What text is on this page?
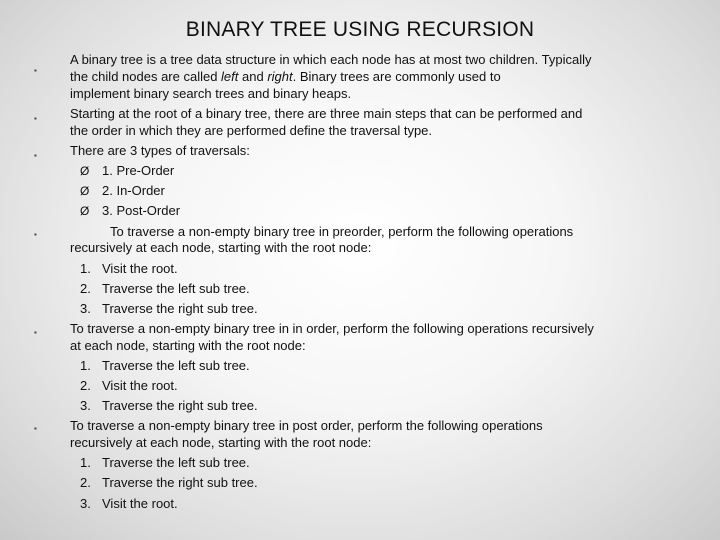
BINARY TREE USING RECURSION
▪
▪
▪
▪
▪
▪
A binary tree is a tree data structure in which each node has at most two children. Typically
the child nodes are called left and right. Binary trees are commonly used to
implement binary search trees and binary heaps.
Starting at the root of a binary tree, there are three main steps that can be performed and
the order in which they are performed define the traversal type.
There are 3 types of traversals:
Ø 1. Pre-Order
Ø 2. In-Order
Ø 3. Post-Order
To traverse a non-empty binary tree in preorder, perform the following operations
recursively at each node, starting with the root node:
1. Visit the root.
2. Traverse the left sub tree.
3. Traverse the right sub tree.
To traverse a non-empty binary tree in in order, perform the following operations recursively
at each node, starting with the root node:
1. Traverse the left sub tree.
2. Visit the root.
3. Traverse the right sub tree.
To traverse a non-empty binary tree in post order, perform the following operations
recursively at each node, starting with the root node:
1. Traverse the left sub tree.
2. Traverse the right sub tree.
3. Visit the root.
